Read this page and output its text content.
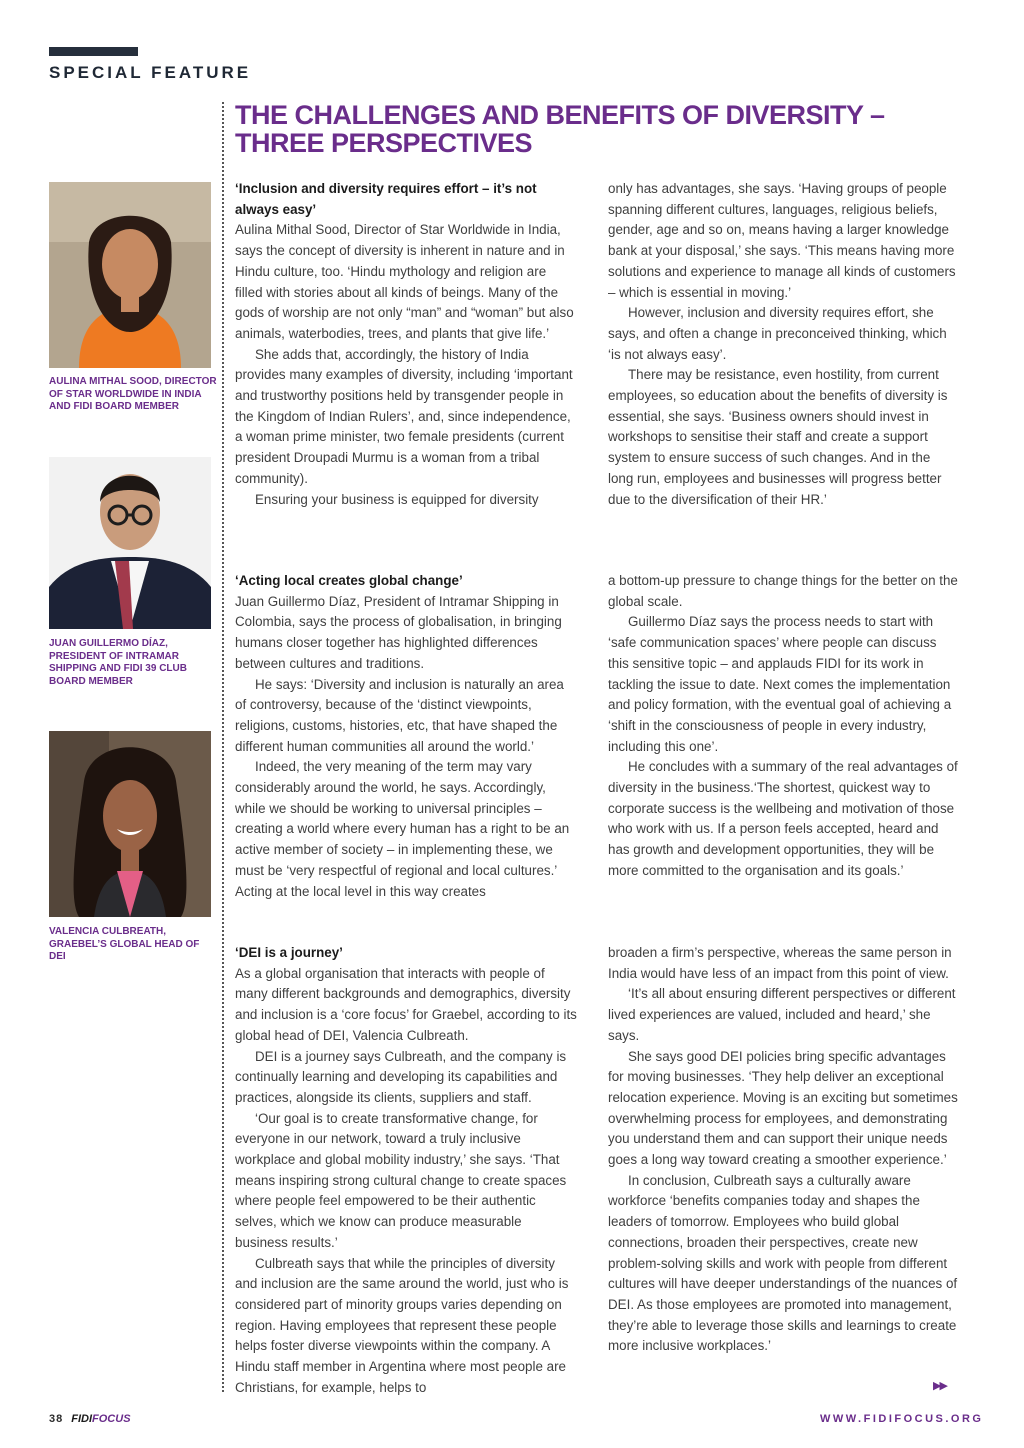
SPECIAL FEATURE
THE CHALLENGES AND BENEFITS OF DIVERSITY – THREE PERSPECTIVES

AULINA MITHAL SOOD, DIRECTOR OF STAR WORLDWIDE IN INDIA AND FIDI BOARD MEMBER

JUAN GUILLERMO DÍAZ, PRESIDENT OF INTRAMAR SHIPPING AND FIDI 39 CLUB BOARD MEMBER

VALENCIA CULBREATH, GRAEBEL’S GLOBAL HEAD OF DEI

‘Inclusion and diversity requires effort – it’s not always easy’

Aulina Mithal Sood, Director of Star Worldwide in India, says the concept of diversity is inherent in nature and in Hindu culture, too. ‘Hindu mythology and religion are filled with stories about all kinds of beings. Many of the gods of worship are not only “man” and “woman” but also animals, waterbodies, trees, and plants that give life.’

She adds that, accordingly, the history of India provides many examples of diversity, including ‘important and trustworthy positions held by transgender people in the Kingdom of Indian Rulers’, and, since independence, a woman prime minister, two female presidents (current president Droupadi Murmu is a woman from a tribal community).

Ensuring your business is equipped for diversity

only has advantages, she says. ‘Having groups of people spanning different cultures, languages, religious beliefs, gender, age and so on, means having a larger knowledge bank at your disposal,’ she says. ‘This means having more solutions and experience to manage all kinds of customers – which is essential in moving.’

However, inclusion and diversity requires effort, she says, and often a change in preconceived thinking, which ‘is not always easy’.

There may be resistance, even hostility, from current employees, so education about the benefits of diversity is essential, she says. ‘Business owners should invest in workshops to sensitise their staff and create a support system to ensure success of such changes. And in the long run, employees and businesses will progress better due to the diversification of their HR.’

‘Acting local creates global change’

Juan Guillermo Díaz, President of Intramar Shipping in Colombia, says the process of globalisation, in bringing humans closer together has highlighted differences between cultures and traditions.

He says: ‘Diversity and inclusion is naturally an area of controversy, because of the ‘distinct viewpoints, religions, customs, histories, etc, that have shaped the different human communities all around the world.’

Indeed, the very meaning of the term may vary considerably around the world, he says. Accordingly, while we should be working to universal principles – creating a world where every human has a right to be an active member of society – in implementing these, we must be ‘very respectful of regional and local cultures.’ Acting at the local level in this way creates

a bottom-up pressure to change things for the better on the global scale.

Guillermo Díaz says the process needs to start with ‘safe communication spaces’ where people can discuss this sensitive topic – and applauds FIDI for its work in tackling the issue to date. Next comes the implementation and policy formation, with the eventual goal of achieving a ‘shift in the consciousness of people in every industry, including this one’.

He concludes with a summary of the real advantages of diversity in the business.‘The shortest, quickest way to corporate success is the wellbeing and motivation of those who work with us. If a person feels accepted, heard and has growth and development opportunities, they will be more committed to the organisation and its goals.’

‘DEI is a journey’

As a global organisation that interacts with people of many different backgrounds and demographics, diversity and inclusion is a ‘core focus’ for Graebel, according to its global head of DEI, Valencia Culbreath.

DEI is a journey says Culbreath, and the company is continually learning and developing its capabilities and practices, alongside its clients, suppliers and staff.

‘Our goal is to create transformative change, for everyone in our network, toward a truly inclusive workplace and global mobility industry,’ she says. ‘That means inspiring strong cultural change to create spaces where people feel empowered to be their authentic selves, which we know can produce measurable business results.’

Culbreath says that while the principles of diversity and inclusion are the same around the world, just who is considered part of minority groups varies depending on region. Having employees that represent these people helps foster diverse viewpoints within the company. A Hindu staff member in Argentina where most people are Christians, for example, helps to

broaden a firm’s perspective, whereas the same person in India would have less of an impact from this point of view.

‘It’s all about ensuring different perspectives or different lived experiences are valued, included and heard,’ she says.

She says good DEI policies bring specific advantages for moving businesses. ‘They help deliver an exceptional relocation experience. Moving is an exciting but sometimes overwhelming process for employees, and demonstrating you understand them and can support their unique needs goes a long way toward creating a smoother experience.’

In conclusion, Culbreath says a culturally aware workforce ‘benefits companies today and shapes the leaders of tomorrow. Employees who build global connections, broaden their perspectives, create new problem-solving skills and work with people from different cultures will have deeper understandings of the nuances of DEI. As those employees are promoted into management, they’re able to leverage those skills and learnings to create more inclusive workplaces.’

▶▶
38 FIDIFOCUS	WWW.FIDIFOCUS.ORG
